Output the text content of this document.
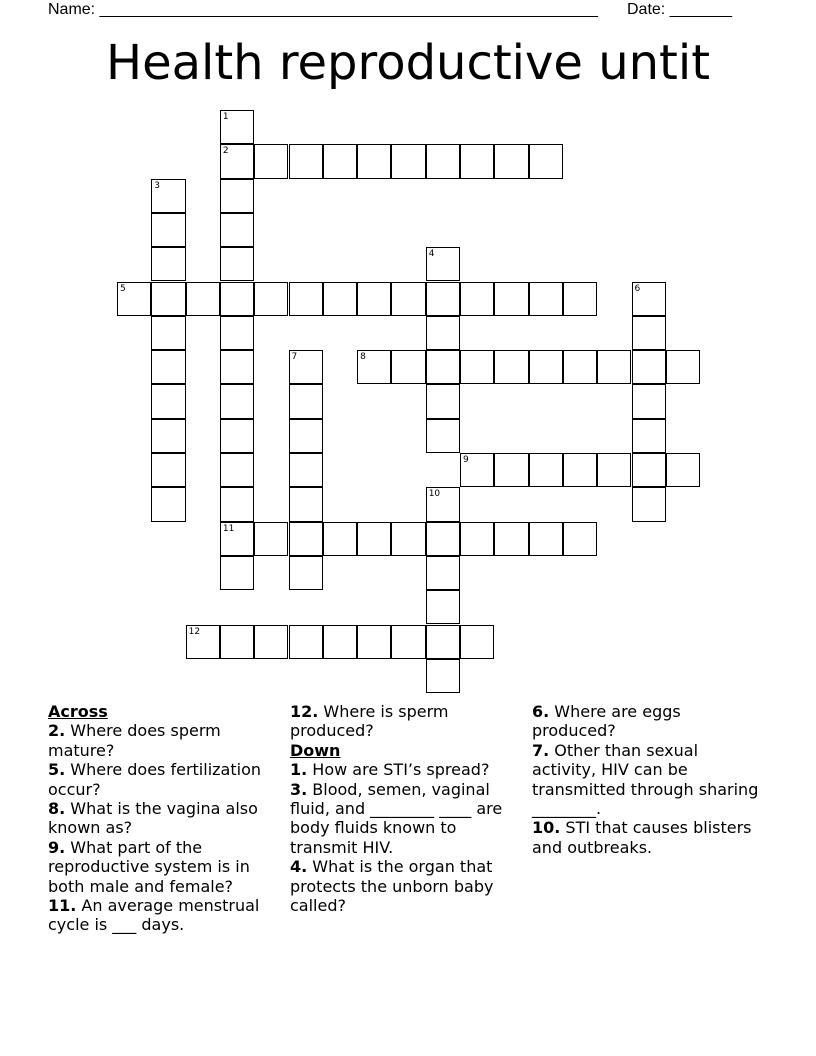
Name: ________________________________________________________ Date: _______
Health reproductive untit
1
2
11
3
4
5	6
7	8
9
10
12

Across

2. Where does sperm mature?

5. Where does fertilization occur?

8. What is the vagina also known as?

9. What part of the reproductive system is in both male and female?

11. An average menstrual cycle is ___ days.

12. Where is sperm produced?

Down

1. How are STI’s spread?

3. Blood, semen, vaginal fluid, and ________ ____ are body fluids known to transmit HIV.

4. What is the organ that protects the unborn baby called?

6. Where are eggs produced?

7. Other than sexual activity, HIV can be transmitted through sharing ________.

10. STI that causes blisters and outbreaks.
